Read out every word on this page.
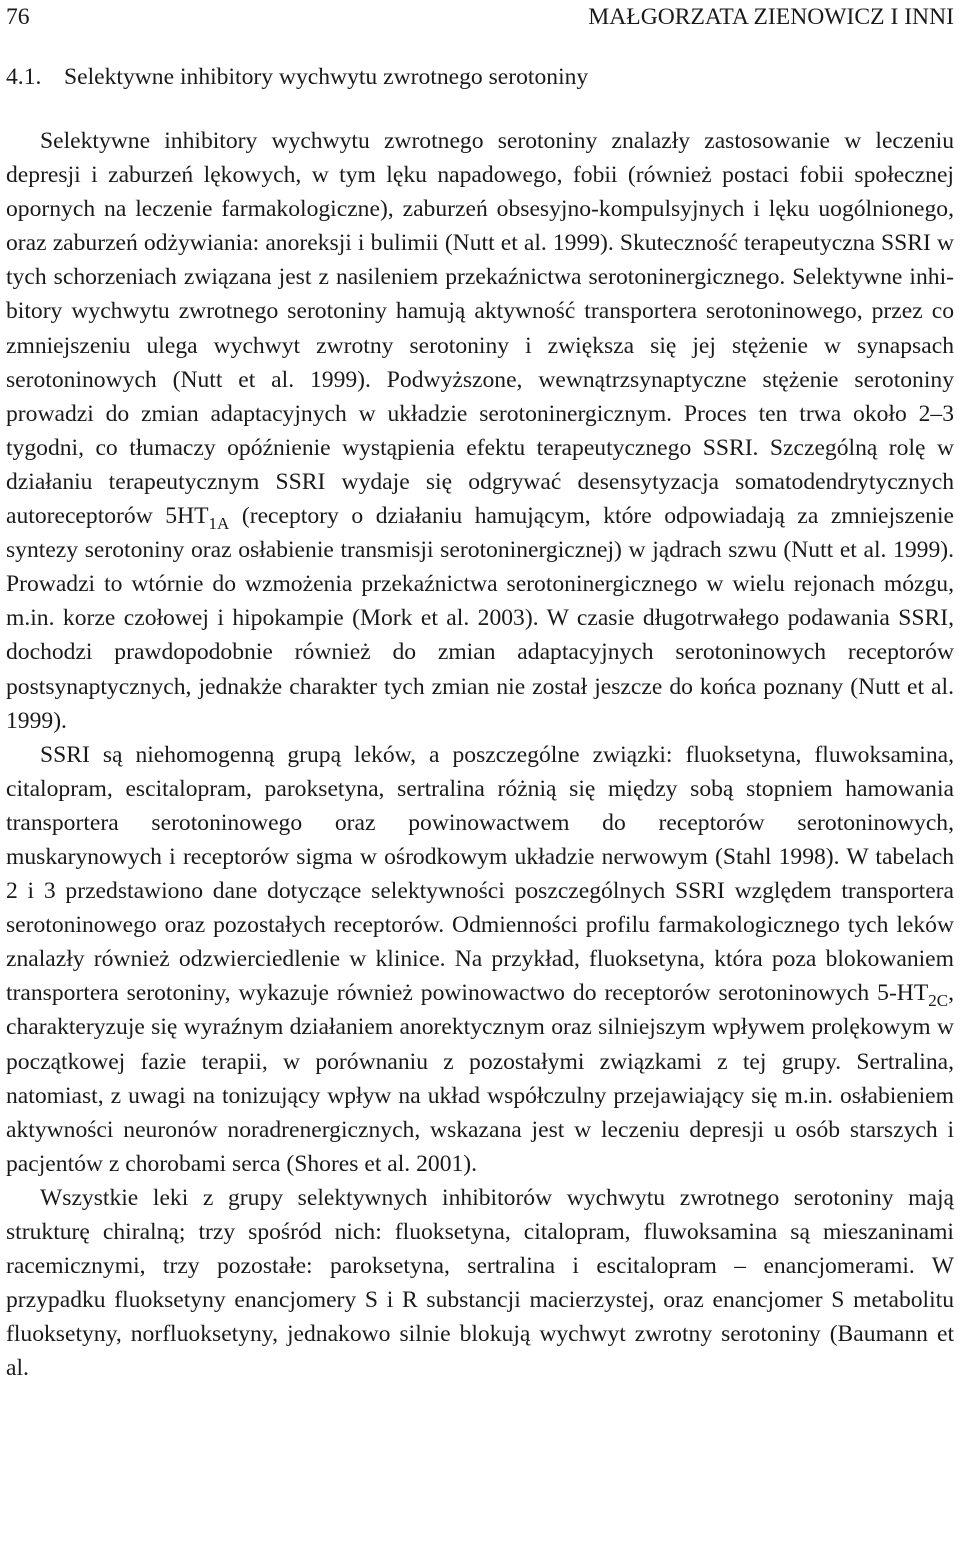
76	MAŁGORZATA ZIENOWICZ I INNI
4.1. Selektywne inhibitory wychwytu zwrotnego serotoniny

Selektywne inhibitory wychwytu zwrotnego serotoniny znalazły zastosowanie w leczeniu depresji i zaburzeń lękowych, w tym lęku napadowego, fobii (również postaci fobii społecznej opornych na leczenie farmakologiczne), zaburzeń obsesyjno-kompulsyjnych i lęku uogólnionego, oraz zaburzeń odżywiania: anoreksji i bulimii (Nutt et al. 1999). Skuteczność terapeutyczna SSRI w tych schorzeniach związana jest z nasileniem przekaźnictwa serotoninergicznego. Selektywne inhibitory wychwytu zwrotnego serotoniny hamują aktywność transportera serotoninowego, przez co zmniejszeniu ulega wychwyt zwrotny serotoniny i zwiększa się jej stężenie w synapsach serotoninowych (Nutt et al. 1999). Podwyższone, wewnątrzsynaptyczne stężenie serotoniny prowadzi do zmian adaptacyjnych w układzie serotoninergicznym. Proces ten trwa około 2–3 tygodni, co tłumaczy opóźnienie wystąpienia efektu terapeutycznego SSRI. Szczególną rolę w działaniu terapeutycznym SSRI wydaje się odgrywać desensytyzacja somatodendrytycznych autoreceptorów $5HT_{1A}$ (receptory o działaniu hamującym, które odpowiadają za zmniejszenie syntezy serotoniny oraz osłabienie transmisji serotoninergicznej) w jądrach szwu (Nutt et al. 1999). Prowadzi to wtórnie do wzmożenia przekaźnictwa serotoninergicznego w wielu rejonach mózgu, m.in. korze czołowej i hipokampie (Mork et al. 2003). W czasie długotrwałego podawania SSRI, dochodzi prawdopodobnie również do zmian adaptacyjnych serotoninowych receptorów postsynaptycznych, jednakże charakter tych zmian nie został jeszcze do końca poznany (Nutt et al. 1999).

SSRI są niehomogenną grupą leków, a poszczególne związki: fluoksetyna, fluwoksamina, citalopram, escitalopram, paroksetyna, sertralina różnią się między sobą stopniem hamowania transportera serotoninowego oraz powinowactwem do receptorów serotoninowych, muskarynowych i receptorów sigma w ośrodkowym układzie nerwowym (Stahl 1998). W tabelach 2 i 3 przedstawiono dane dotyczące selektywności poszczególnych SSRI względem transportera serotoninowego oraz pozostałych receptorów. Odmienności profilu farmakologicznego tych leków znalazły również odzwierciedlenie w klinice. Na przykład, fluoksetyna, która poza blokowaniem transportera serotoniny, wykazuje również powinowactwo do receptorów serotoninowych $5-HT_{2C}$, charakteryzuje się wyraźnym działaniem anorektycznym oraz silniejszym wpływem prolękowym w początkowej fazie terapii, w porównaniu z pozostałymi związkami z tej grupy. Sertralina, natomiast, z uwagi na tonizujący wpływ na układ współczulny przejawiający się m.in. osłabieniem aktywności neuronów noradrenergicznych, wskazana jest w leczeniu depresji u osób starszych i pacjentów z chorobami serca (Shores et al. 2001).

Wszystkie leki z grupy selektywnych inhibitorów wychwytu zwrotnego serotoniny mają strukturę chiralną; trzy spośród nich: fluoksetyna, citalopram, fluwoksamina są mieszaninami racemicznymi, trzy pozostałe: paroksetyna, sertralina i escitalopram – enancjomerami. W przypadku fluoksetyny enancjomery S i R substancji macierzystej, oraz enancjomer S metabolitu fluoksetyny, norfluoksetyny, jednakowo silnie blokują wychwyt zwrotny serotoniny (Baumann et al.
